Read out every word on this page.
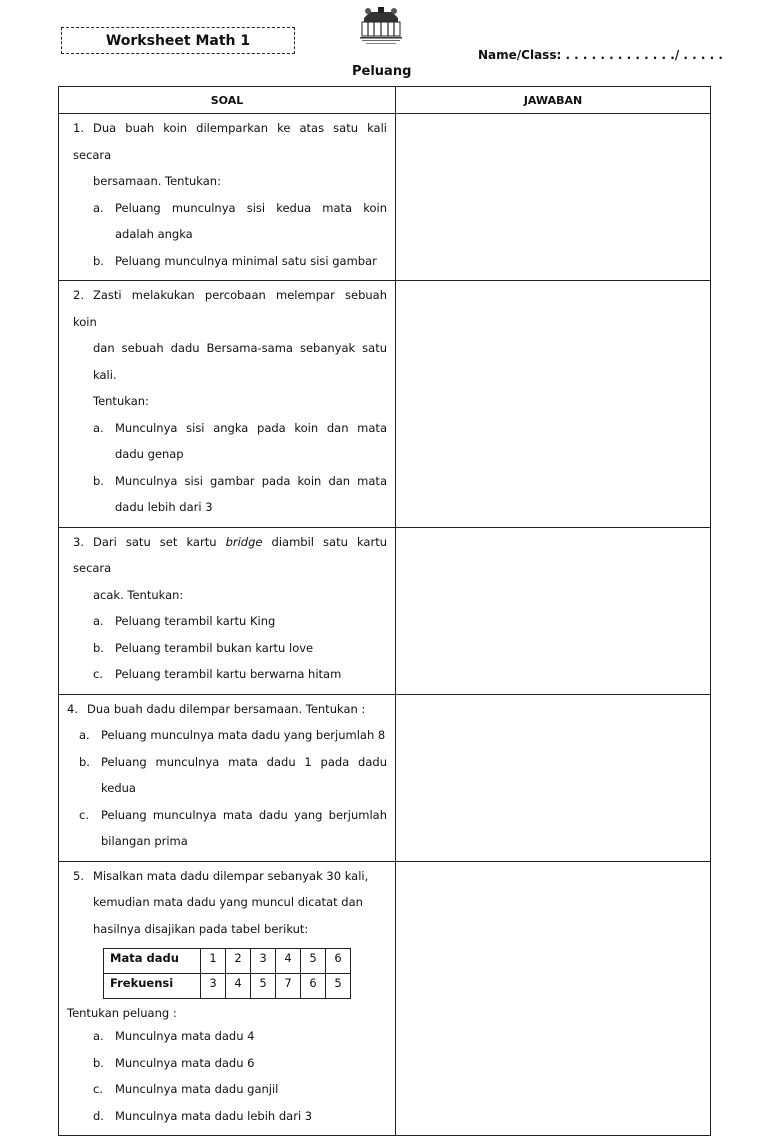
Worksheet Math 1
Name/Class: . . . . . . . . . . . . ./ . . . . .
Peluang
SOAL	JAWABAN

1. Dua buah koin dilemparkan ke atas satu kali secara
bersamaan. Tentukan:
a. Peluang munculnya sisi kedua mata koin adalah angka
b. Peluang munculnya minimal satu sisi gambar

2. Zasti melakukan percobaan melempar sebuah koin
dan sebuah dadu Bersama-sama sebanyak satu kali.
Tentukan:
a. Munculnya sisi angka pada koin dan mata dadu genap
b. Munculnya sisi gambar pada koin dan mata dadu lebih dari 3

3. Dari satu set kartu bridge diambil satu kartu secara
acak. Tentukan:
a. Peluang terambil kartu King
b. Peluang terambil bukan kartu love
c.	Peluang terambil kartu berwarna hitam

4. Dua buah dadu dilempar bersamaan. Tentukan :
a. Peluang munculnya mata dadu yang berjumlah 8
b. Peluang munculnya mata dadu 1 pada dadu kedua
c.	Peluang munculnya mata dadu yang berjumlah bilangan prima

5. Misalkan mata dadu dilempar sebanyak 30 kali,
kemudian mata dadu yang muncul dicatat dan
hasilnya disajikan pada tabel berikut:
Mata dadu	1	2	3	4	5	6
Frekuensi	3	4	5	7	6	5
Tentukan peluang :
a. Munculnya mata dadu 4
b. Munculnya mata dadu 6
c.	Munculnya mata dadu ganjil
d. Munculnya mata dadu lebih dari 3
